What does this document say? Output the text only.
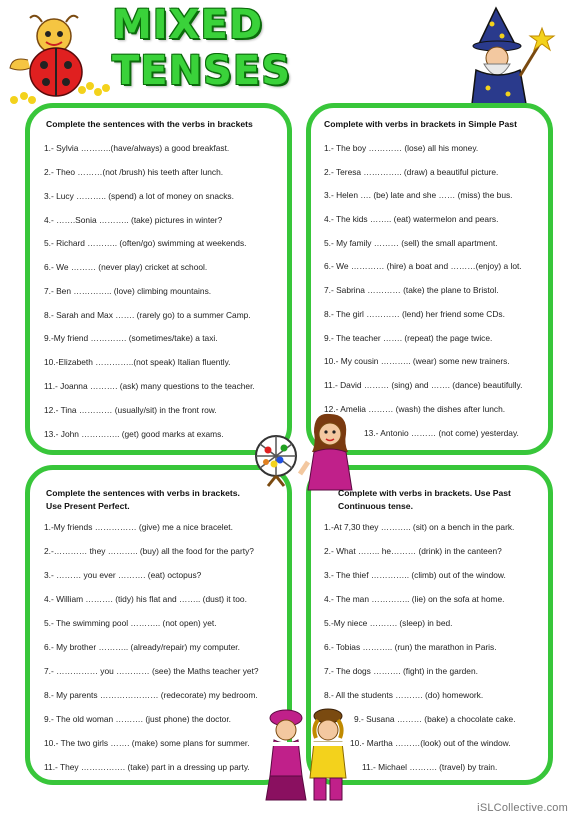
MIXED TENSES
Complete the sentences with the verbs in brackets
1.- Sylvia ………..(have/always) a good breakfast.
2.- Theo ………(not /brush) his teeth after lunch.
3.- Lucy ……….. (spend) a lot of money on snacks.
4.- …….Sonia ……….. (take) pictures in winter?
5.- Richard ……….. (often/go) swimming at weekends.
6.- We ……… (never play) cricket at school.
7.- Ben ………….. (love) climbing mountains.
8.- Sarah and Max ……. (rarely go) to a summer Camp.
9.-My friend …………. (sometimes/take) a taxi.
10.-Elizabeth …………..(not speak) Italian fluently.
11.- Joanna ………. (ask) many questions to the teacher.
12.- Tina ………… (usually/sit) in the front row.
13.- John ………….. (get) good marks at exams.
Complete with verbs in brackets in Simple Past
1.- The boy ………… (lose) all his money.
2.- Teresa ………….. (draw) a beautiful picture.
3.- Helen …. (be) late and she …… (miss) the bus.
4.- The kids …….. (eat) watermelon and pears.
5.- My family ……… (sell) the small apartment.
6.- We ………… (hire) a boat and ………(enjoy) a lot.
7.- Sabrina ………… (take) the plane to Bristol.
8.- The girl ………… (lend) her friend some CDs.
9.- The teacher ……. (repeat) the page twice.
10.- My cousin ……….. (wear) some new trainers.
11.- David ……… (sing) and ……. (dance) beautifully.
12.- Amelia ……… (wash) the dishes after lunch.
13.- Antonio ……… (not come) yesterday.
Complete the sentences with verbs in brackets.
Use Present Perfect.
1.-My friends …………… (give) me a nice bracelet.
2.-………… they ……….. (buy) all the food for the party?
3.- ……… you ever ………. (eat) octopus?
4.- William ………. (tidy) his flat and …….. (dust) it too.
5.- The swimming pool ……….. (not open) yet.
6.- My brother ……….. (already/repair) my computer.
7.- …………… you ………… (see) the Maths teacher yet?
8.- My parents ………………… (redecorate) my bedroom.
9.- The old woman ………. (just phone) the doctor.
10.- The two girls ……. (make) some plans for summer.
11.- They ……………. (take) part in a dressing up party.
Complete with verbs in brackets. Use Past
Continuous tense.
1.-At 7,30 they ……….. (sit) on a bench in the park.
2.- What …….. he……… (drink) in the canteen?
3.- The thief ………….. (climb) out of the window.
4.- The man ………….. (lie) on the sofa at home.
5.-My niece ………. (sleep) in bed.
6.- Tobias ……….. (run) the marathon in Paris.
7.- The dogs ………. (fight) in the garden.
8.- All the students ………. (do) homework.
9.- Susana ……… (bake) a chocolate cake.
10.- Martha ………(look) out of the window.
11.- Michael ………. (travel) by train.
iSLCollective.com
